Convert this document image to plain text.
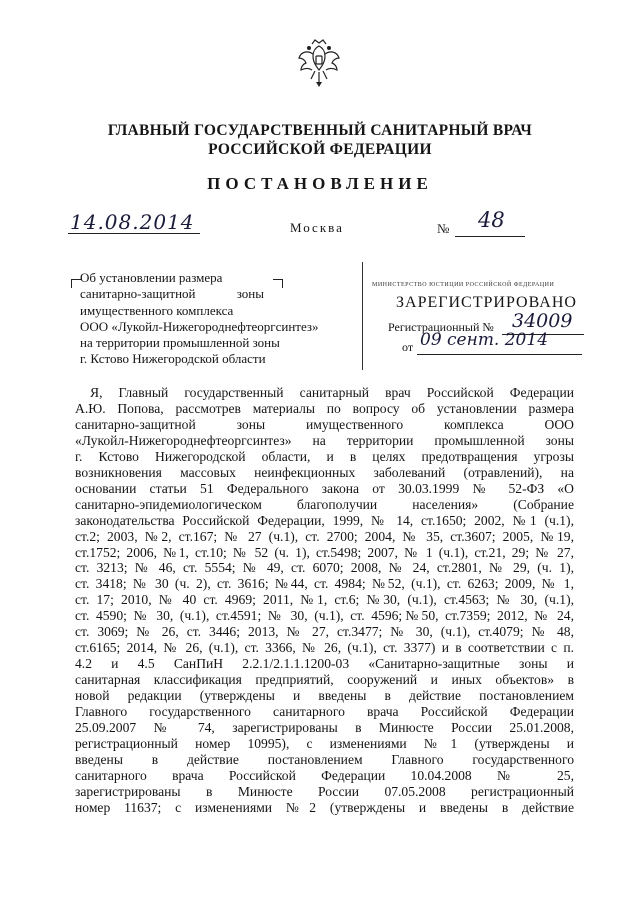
ГЛАВНЫЙ ГОСУДАРСТВЕННЫЙ САНИТАРНЫЙ ВРАЧ
РОССИЙСКОЙ ФЕДЕРАЦИИ
ПОСТАНОВЛЕНИЕ
14.08.2014	Москва	№ 48
Об установлении размера
санитарно-защитной зоны
имущественного комплекса
ООО «Лукойл-Нижегороднефтеоргсинтез»
на территории промышленной зоны
г. Кстово Нижегородской области
МИНИСТЕРСТВО ЮСТИЦИИ РОССИЙСКОЙ ФЕДЕРАЦИИ
ЗАРЕГИСТРИРОВАНО
Регистрационный № 34009
от 09 сент. 2014
Я, Главный государственный санитарный врач Российской Федерации
А.Ю. Попова, рассмотрев материалы по вопросу об установлении размера
санитарно-защитной зоны имущественного комплекса ООО
«Лукойл-Нижегороднефтеоргсинтез» на территории промышленной зоны
г. Кстово Нижегородской области, и в целях предотвращения угрозы
возникновения массовых неинфекционных заболеваний (отравлений), на
основании статьи 51 Федерального закона от 30.03.1999 № 52-ФЗ «О
санитарно-эпидемиологическом благополучии населения» (Собрание
законодательства Российской Федерации, 1999, № 14, ст.1650; 2002, №1 (ч.1),
ст.2; 2003, №2, ст.167; № 27 (ч.1), ст. 2700; 2004, № 35, ст.3607; 2005, №19,
ст.1752; 2006, №1, ст.10; № 52 (ч. 1), ст.5498; 2007, № 1 (ч.1), ст.21, 29; № 27,
ст. 3213; № 46, ст. 5554; № 49, ст. 6070; 2008, № 24, ст.2801, № 29, (ч. 1),
ст. 3418; № 30 (ч. 2), ст. 3616; №44, ст. 4984; №52, (ч.1), ст. 6263; 2009, № 1,
ст. 17; 2010, № 40 ст. 4969; 2011, №1, ст.6; №30, (ч.1), ст.4563; № 30, (ч.1),
ст. 4590; № 30, (ч.1), ст.4591; № 30, (ч.1), ст. 4596;№50, ст.7359; 2012, № 24,
ст. 3069; № 26, ст. 3446; 2013, № 27, ст.3477; № 30, (ч.1), ст.4079; № 48,
ст.6165; 2014, № 26, (ч.1), ст. 3366, № 26, (ч.1), ст. 3377) и в соответствии с п.
4.2 и 4.5 СанПиН 2.2.1/2.1.1.1200-03 «Санитарно-защитные зоны и
санитарная классификация предприятий, сооружений и иных объектов» в
новой редакции (утверждены и введены в действие постановлением
Главного государственного санитарного врача Российской Федерации
25.09.2007 № 74, зарегистрированы в Минюсте России 25.01.2008,
регистрационный номер 10995), с изменениями №1 (утверждены и
введены в действие постановлением Главного государственного
санитарного врача Российской Федерации 10.04.2008 № 25,
зарегистрированы в Минюсте России 07.05.2008 регистрационный
номер 11637; с изменениями №2 (утверждены и введены в действие
